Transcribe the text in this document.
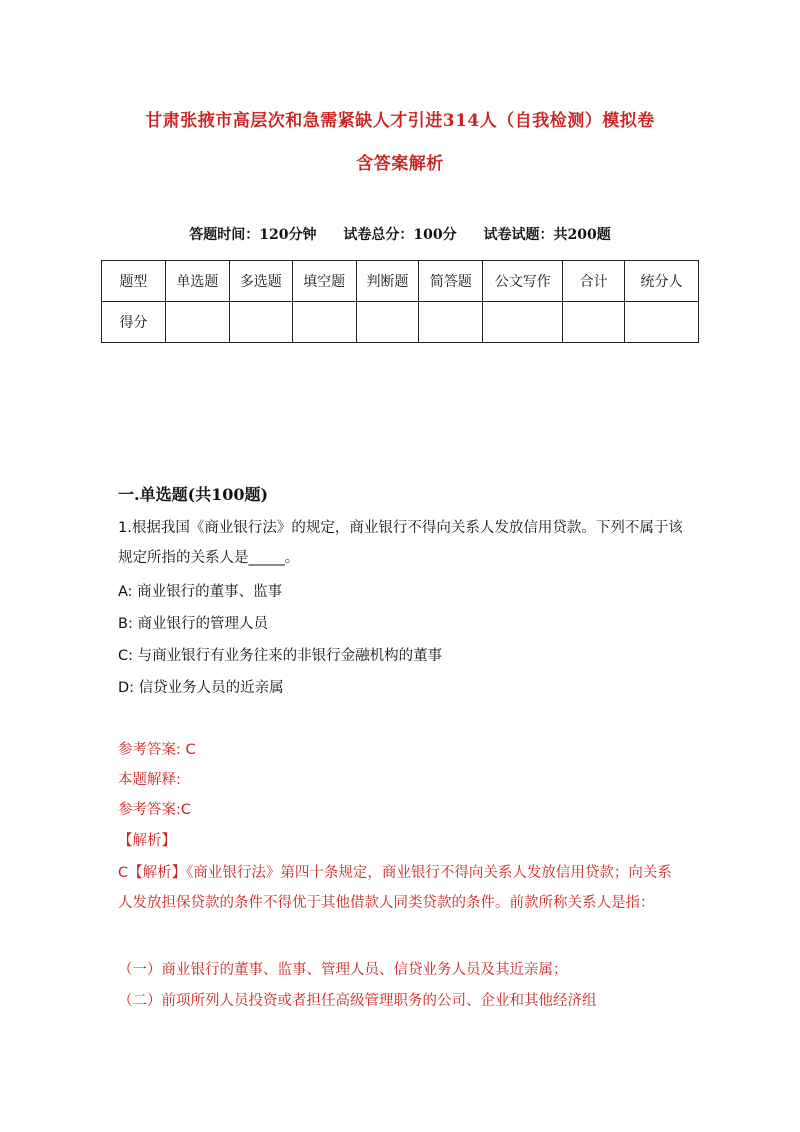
甘肃张掖市高层次和急需紧缺人才引进314人（自我检测）模拟卷
含答案解析
答题时间：120分钟 试卷总分：100分 试卷试题：共200题
题型	单选题	多选题	填空题	判断题	简答题	公文写作	合计	统分人
得分								
一.单选题(共100题)
1.根据我国《商业银行法》的规定，商业银行不得向关系人发放信用贷款。下列不属于该规定所指的关系人是_____。
A: 商业银行的董事、监事
B: 商业银行的管理人员
C: 与商业银行有业务往来的非银行金融机构的董事
D: 信贷业务人员的近亲属
参考答案: C
本题解释:
参考答案:C
【解析】
C【解析】《商业银行法》第四十条规定，商业银行不得向关系人发放信用贷款；向关系人发放担保贷款的条件不得优于其他借款人同类贷款的条件。前款所称关系人是指：
（一）商业银行的董事、监事、管理人员、信贷业务人员及其近亲属；
（二）前项所列人员投资或者担任高级管理职务的公司、企业和其他经济组
